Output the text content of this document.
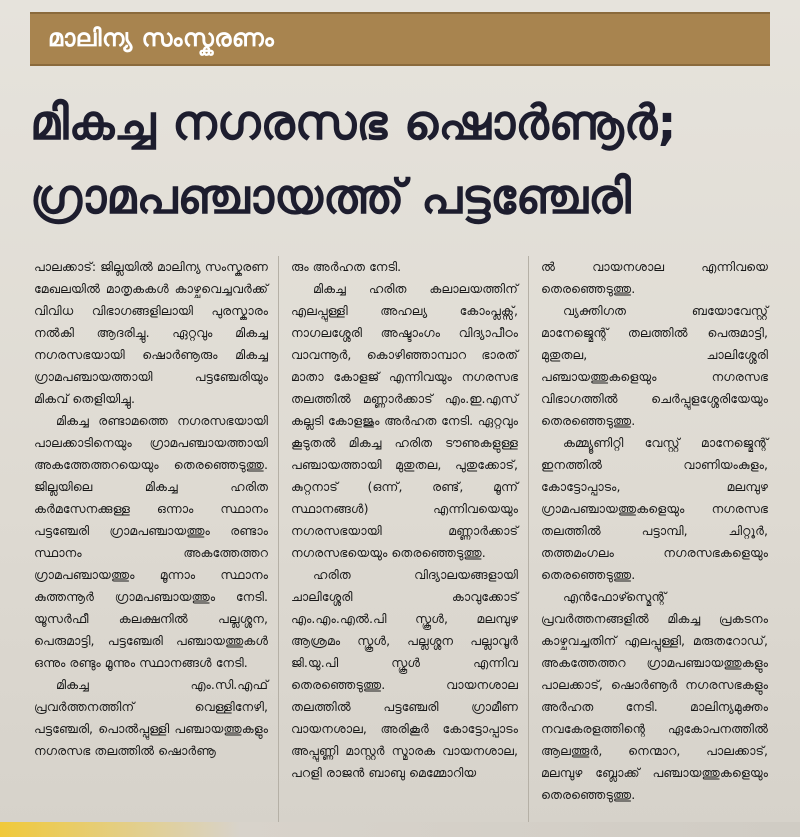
മാലിന്യ സംസ്കരണം
മികച്ച നഗരസഭ ഷൊർണൂർ;
ഗ്രാമപഞ്ചായത്ത് പട്ടഞ്ചേരി

പാലക്കാട്: ജില്ലയിൽ മാലിന്യ സംസ്കരണ മേഖലയിൽ മാതൃകകൾ കാഴ്ചവെച്ചവർക്ക് വിവിധ വിഭാഗങ്ങളിലായി പുരസ്കാരം നൽകി ആദരിച്ചു. ഏറ്റവും മികച്ച നഗരസഭയായി ഷൊർണൂരും മികച്ച ഗ്രാമപഞ്ചായത്തായി പട്ടഞ്ചേരിയും മികവ് തെളിയിച്ചു.

മികച്ച രണ്ടാമത്തെ നഗരസഭയായി പാലക്കാടിനെയും ഗ്രാമപഞ്ചായത്തായി അകത്തേത്തറയെയും തെരഞ്ഞെടുത്തു. ജില്ലയിലെ മികച്ച ഹരിത കർമസേനക്കുള്ള ഒന്നാം സ്ഥാനം പട്ടഞ്ചേരി ഗ്രാമപഞ്ചായത്തും രണ്ടാം സ്ഥാനം അകത്തേത്തറ ഗ്രാമപഞ്ചായത്തും മൂന്നാം സ്ഥാനം കുത്തന്നൂർ ഗ്രാമപഞ്ചായത്തും നേടി. യൂസർഫീ കലക്ഷനിൽ പല്ലശ്ശന, പെരുമാട്ടി, പട്ടഞ്ചേരി പഞ്ചായത്തുകൾ ഒന്നും രണ്ടും മൂന്നും സ്ഥാനങ്ങൾ നേടി.

മികച്ച എം.സി.എഫ് പ്രവർത്തനത്തിന് വെള്ളിനേഴി, പട്ടഞ്ചേരി, പൊൽപ്പുള്ളി പഞ്ചായത്തുകളും നഗരസഭ തലത്തിൽ ഷൊർണൂ

രും അർഹത നേടി.

മികച്ച ഹരിത കലാലയത്തിന് എലപ്പുള്ളി അഹല്യ കോംപ്ലക്സ്, നാഗലശ്ശേരി അഷ്ടാംഗം വിദ്യാപീഠം വാവന്നൂർ, കൊഴിഞ്ഞാമ്പാറ ഭാരത് മാതാ കോളജ് എന്നിവയും നഗരസഭ തലത്തിൽ മണ്ണാർക്കാട് എം.ഇ.എസ് കല്ലടി കോളജും അർഹത നേടി. ഏറ്റവും കൂടുതൽ മികച്ച ഹരിത ടൗണുകളുള്ള പഞ്ചായത്തായി മുതുതല, പുതുക്കോട്, കുറ്റനാട് (ഒന്ന്, രണ്ട്, മൂന്ന് സ്ഥാനങ്ങൾ) എന്നിവയെയും നഗരസഭയായി മണ്ണാർക്കാട് നഗരസഭയെയും തെരഞ്ഞെടുത്തു.

ഹരിത വിദ്യാലയങ്ങളായി ചാലിശ്ശേരി കാവുക്കോട് എം.എം.എൽ.പി സ്കൂൾ, മലമ്പുഴ ആശ്രമം സ്കൂൾ, പല്ലശ്ശന പല്ലാവൂർ ജി.യു.പി സ്കൂൾ എന്നിവ തെരഞ്ഞെടുത്തു. വായനശാല തലത്തിൽ പട്ടഞ്ചേരി ഗ്രാമീണ വായനശാല, അരികൂർ കോട്ടോപ്പാടം അപ്പുണ്ണി മാസ്റ്റർ സ്മാരക വായനശാല, പറളി രാജൻ ബാബു മെമ്മോറിയ

ൽ വായനശാല എന്നിവയെ തെരഞ്ഞെടുത്തു.

വ്യക്തിഗത ബയോവേസ്റ്റ് മാനേജ്മെന്റ് തലത്തിൽ പെരുമാട്ടി, മുതുതല, ചാലിശ്ശേരി പഞ്ചായത്തുകളെയും നഗരസഭ വിഭാഗത്തിൽ ചെർപ്പുളശ്ശേരിയേയും തെരഞ്ഞെടുത്തു.

കമ്മ്യൂണിറ്റി വേസ്റ്റ് മാനേജ്മെന്റ് ഇനത്തിൽ വാണിയംകുളം, കോട്ടോപ്പാടം, മലമ്പുഴ ഗ്രാമപഞ്ചായത്തുകളെയും നഗരസഭ തലത്തിൽ പട്ടാമ്പി, ചിറ്റൂർ, തത്തമംഗലം നഗരസഭകളെയും തെരഞ്ഞെടുത്തു.

എൻഫോഴ്സ്മെന്റ് പ്രവർത്തനങ്ങളിൽ മികച്ച പ്രകടനം കാഴ്ചവച്ചതിന് എലപ്പുള്ളി, മരുതറോഡ്, അകത്തേത്തറ ഗ്രാമപഞ്ചായത്തുകളും പാലക്കാട്, ഷൊർണൂർ നഗരസഭകളും അർഹത നേടി. മാലിന്യമുക്തം നവകേരളത്തിന്റെ ഏകോപനത്തിൽ ആലത്തൂർ, നെന്മാറ, പാലക്കാട്, മലമ്പുഴ ബ്ലോക്ക് പഞ്ചായത്തുകളെയും തെരഞ്ഞെടുത്തു.
